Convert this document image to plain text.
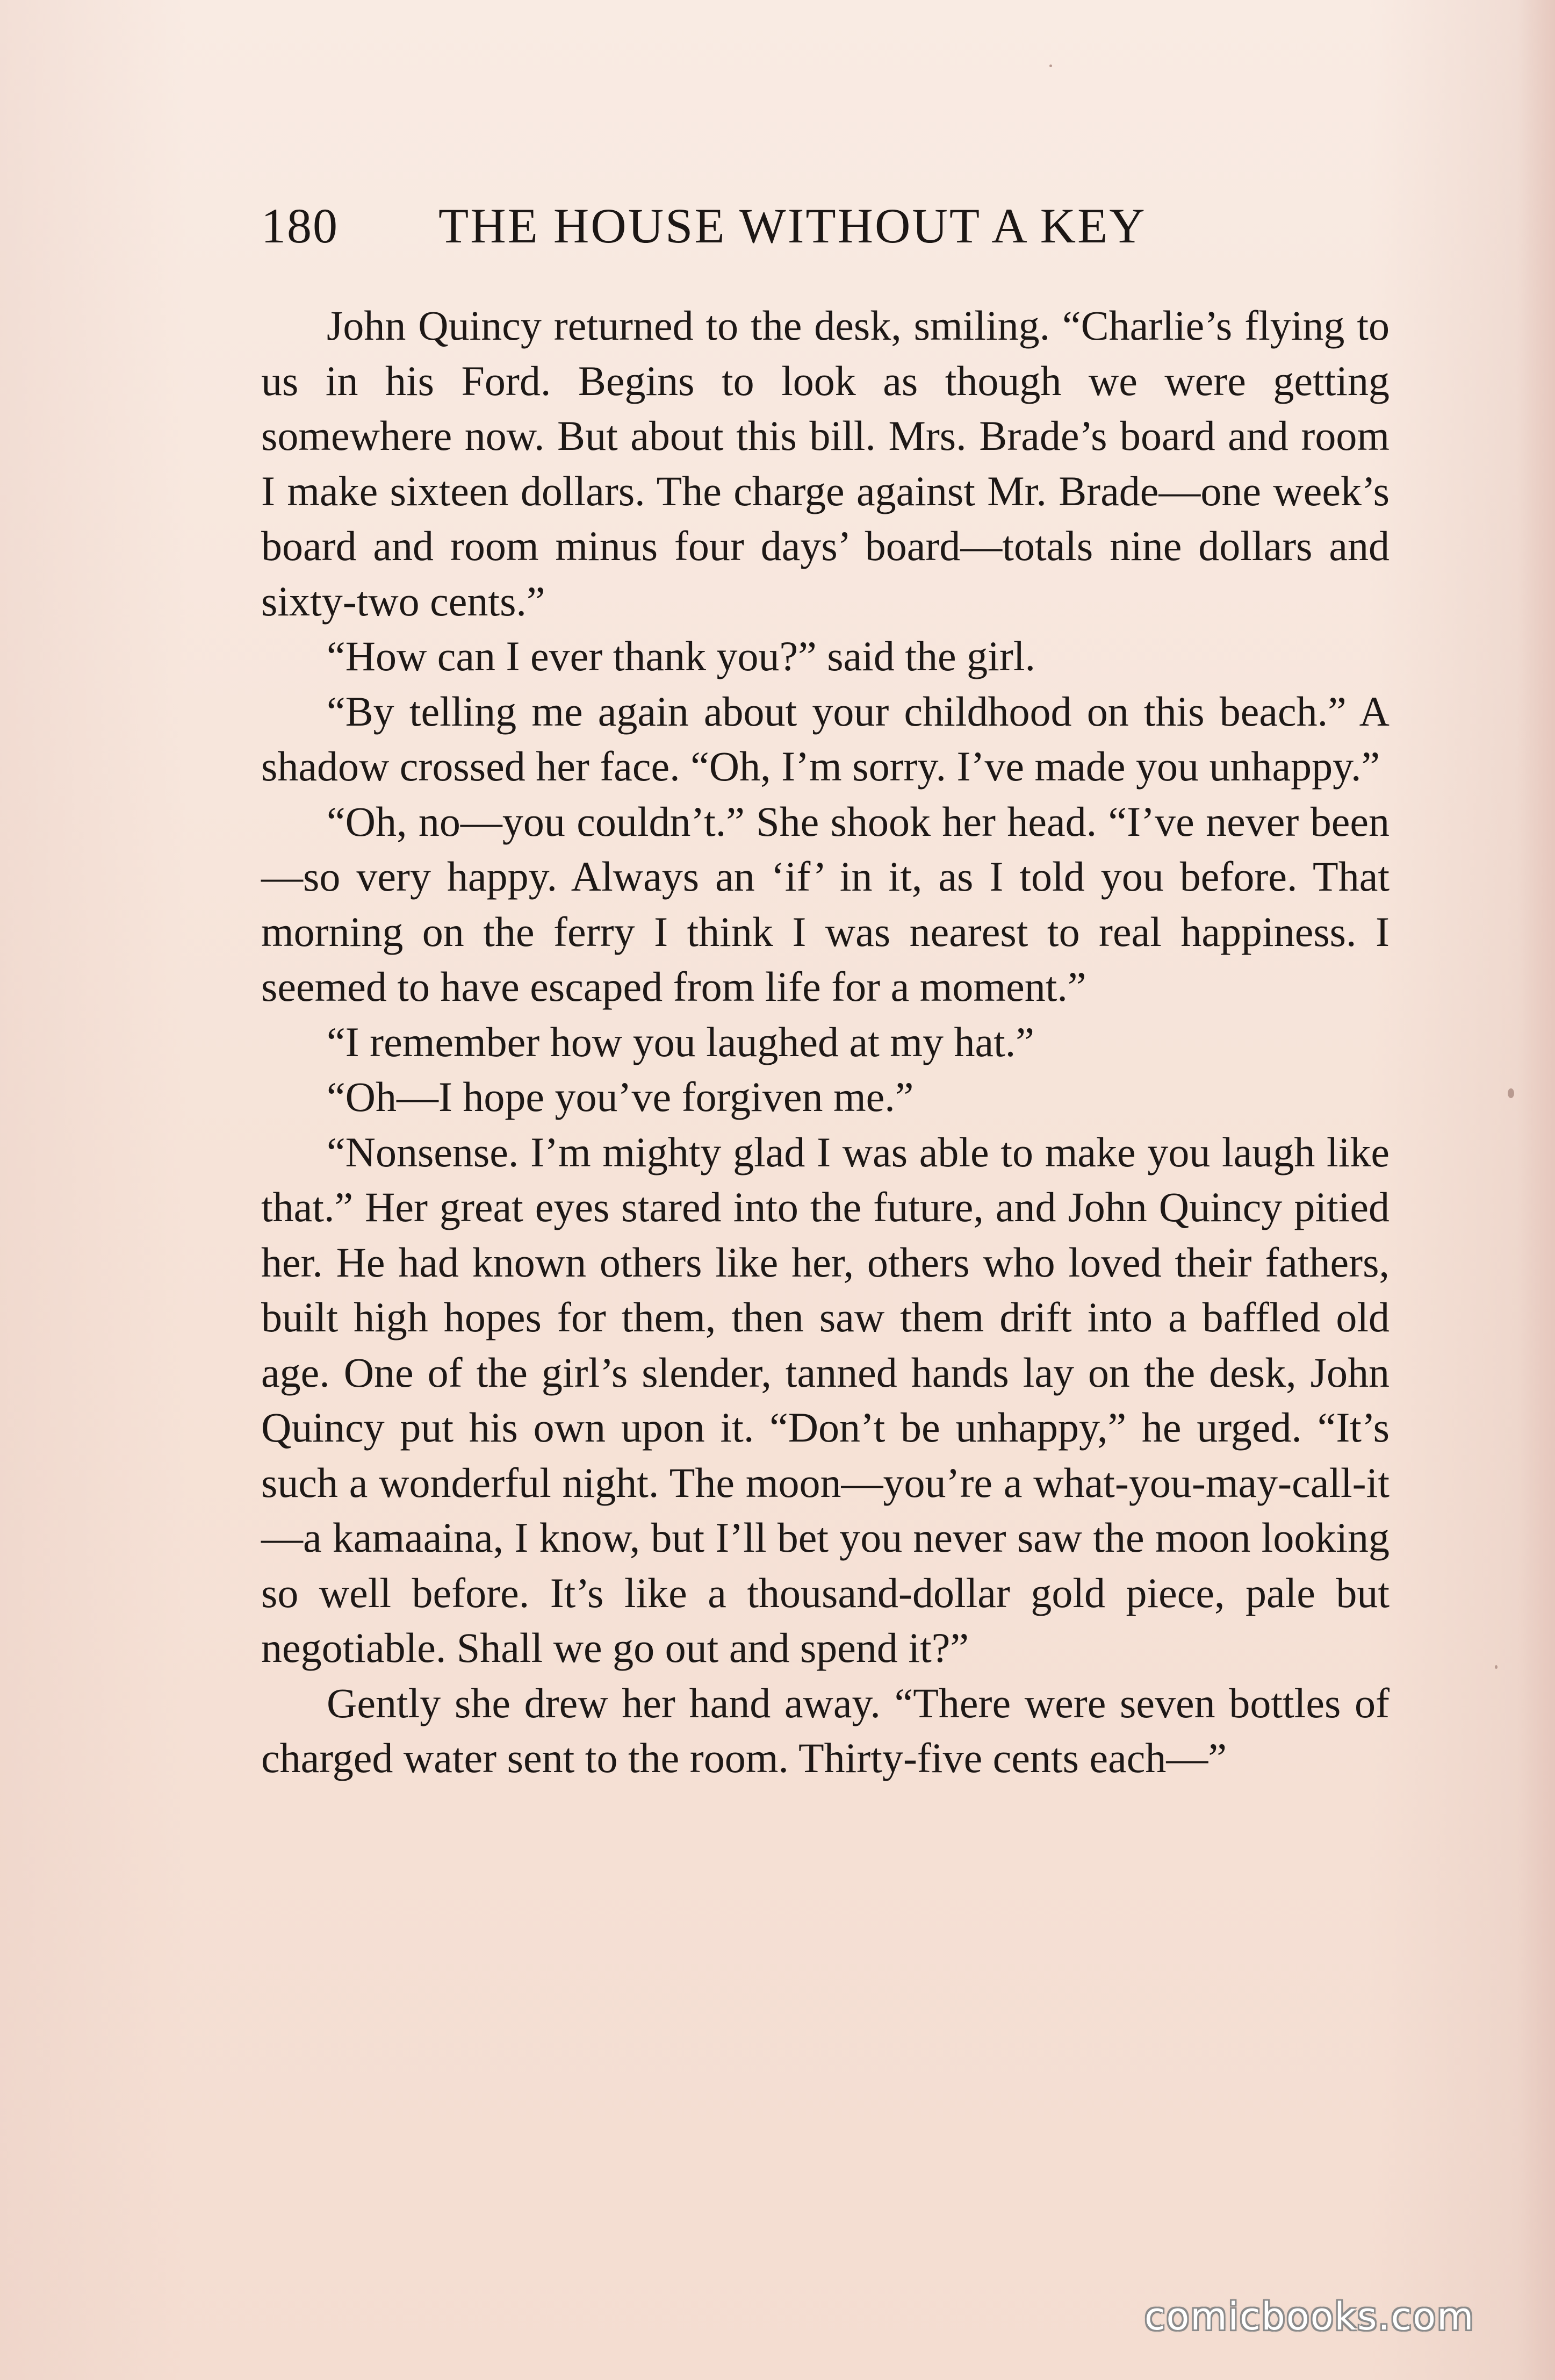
180 THE HOUSE WITHOUT A KEY

John Quincy returned to the desk, smiling. “Charlie’s flying to us in his Ford. Begins to look as though we were getting somewhere now. But about this bill. Mrs. Brade’s board and room I make sixteen dollars. The charge against Mr. Brade—one week’s board and room minus four days’ board—totals nine dollars and sixty-two cents.”

“How can I ever thank you?” said the girl.

“By telling me again about your childhood on this beach.” A shadow crossed her face. “Oh, I’m sorry. I’ve made you unhappy.”

“Oh, no—you couldn’t.” She shook her head. “I’ve never been—so very happy. Always an ‘if’ in it, as I told you before. That morning on the ferry I think I was nearest to real happiness. I seemed to have escaped from life for a moment.”

“I remember how you laughed at my hat.”

“Oh—I hope you’ve forgiven me.”

“Nonsense. I’m mighty glad I was able to make you laugh like that.” Her great eyes stared into the future, and John Quincy pitied her. He had known others like her, others who loved their fathers, built high hopes for them, then saw them drift into a baffled old age. One of the girl’s slender, tanned hands lay on the desk, John Quincy put his own upon it. “Don’t be unhappy,” he urged. “It’s such a wonderful night. The moon—you’re a what-you-may-call-it—a kamaaina, I know, but I’ll bet you never saw the moon looking so well before. It’s like a thousand-dollar gold piece, pale but negotiable. Shall we go out and spend it?”

Gently she drew her hand away. “There were seven bottles of charged water sent to the room. Thirty-five cents each—”

comicbooks.com
